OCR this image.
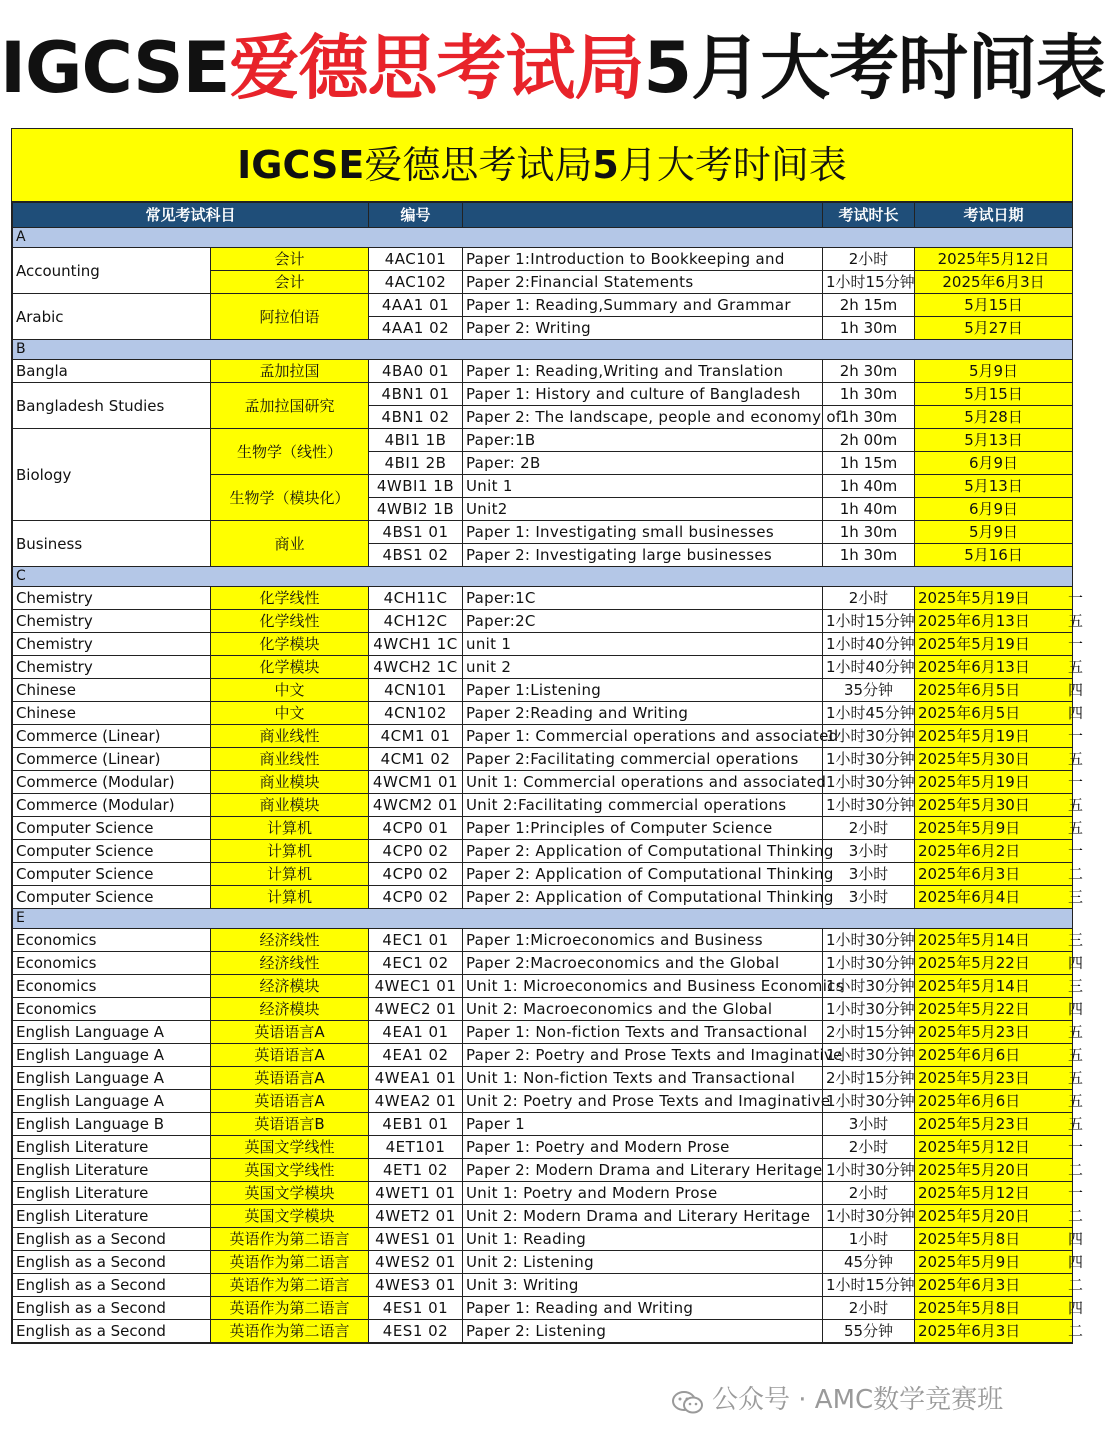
IGCSE爱德思考试局5月大考时间表
IGCSE爱德思考试局5月大考时间表
常见考试科目		编号		考试时长	考试日期
A					
Accounting	会计	4AC101	Paper 1:Introduction to Bookkeeping and	2小时	2025年5月12日
	会计	4AC102	Paper 2:Financial Statements	1小时15分钟	2025年6月3日
Arabic	阿拉伯语	4AA1 01	Paper 1: Reading,Summary and Grammar	2h 15m	5月15日
		4AA1 02	Paper 2: Writing	1h 30m	5月27日
B					
Bangla	孟加拉国	4BA0 01	Paper 1: Reading,Writing and Translation	2h 30m	5月9日
Bangladesh Studies	孟加拉国研究	4BN1 01	Paper 1: History and culture of Bangladesh	1h 30m	5月15日
		4BN1 02	Paper 2: The landscape, people and economy of	1h 30m	5月28日
Biology	生物学（线性）	4BI1 1B	Paper:1B	2h 00m	5月13日
		4BI1 2B	Paper: 2B	1h 15m	6月9日
	生物学（模块化）	4WBI1 1B	Unit 1	1h 40m	5月13日
		4WBI2 1B	Unit2	1h 40m	6月9日
Business	商业	4BS1 01	Paper 1: Investigating small businesses	1h 30m	5月9日
		4BS1 02	Paper 2: Investigating large businesses	1h 30m	5月16日
C					
Chemistry	化学线性	4CH11C	Paper:1C	2小时	2025年5月19日 一
Chemistry	化学线性	4CH12C	Paper:2C	1小时15分钟	2025年6月13日 五
Chemistry	化学模块	4WCH1 1C	unit 1	1小时40分钟	2025年5月19日 一
Chemistry	化学模块	4WCH2 1C	unit 2	1小时40分钟	2025年6月13日 五
Chinese	中文	4CN101	Paper 1:Listening	35分钟	2025年6月5日 四
Chinese	中文	4CN102	Paper 2:Reading and Writing	1小时45分钟	2025年6月5日 四
Commerce (Linear)	商业线性	4CM1 01	Paper 1: Commercial operations and associated	1小时30分钟	2025年5月19日 一
Commerce (Linear)	商业线性	4CM1 02	Paper 2:Facilitating commercial operations	1小时30分钟	2025年5月30日 五
Commerce (Modular)	商业模块	4WCM1 01	Unit 1: Commercial operations and associated	1小时30分钟	2025年5月19日 一
Commerce (Modular)	商业模块	4WCM2 01	Unit 2:Facilitating commercial operations	1小时30分钟	2025年5月30日 五
Computer Science	计算机	4CP0 01	Paper 1:Principles of Computer Science	2小时	2025年5月9日 五
Computer Science	计算机	4CP0 02	Paper 2: Application of Computational Thinking	3小时	2025年6月2日 一
Computer Science	计算机	4CP0 02	Paper 2: Application of Computational Thinking	3小时	2025年6月3日 二
Computer Science	计算机	4CP0 02	Paper 2: Application of Computational Thinking	3小时	2025年6月4日 三
E					
Economics	经济线性	4EC1 01	Paper 1:Microeconomics and Business	1小时30分钟	2025年5月14日 三
Economics	经济线性	4EC1 02	Paper 2:Macroeconomics and the Global	1小时30分钟	2025年5月22日 四
Economics	经济模块	4WEC1 01	Unit 1: Microeconomics and Business Economics	1小时30分钟	2025年5月14日 三
Economics	经济模块	4WEC2 01	Unit 2: Macroeconomics and the Global	1小时30分钟	2025年5月22日 四
English Language A	英语语言A	4EA1 01	Paper 1: Non-fiction Texts and Transactional	2小时15分钟	2025年5月23日 五
English Language A	英语语言A	4EA1 02	Paper 2: Poetry and Prose Texts and Imaginative	1小时30分钟	2025年6月6日 五
English Language A	英语语言A	4WEA1 01	Unit 1: Non-fiction Texts and Transactional	2小时15分钟	2025年5月23日 五
English Language A	英语语言A	4WEA2 01	Unit 2: Poetry and Prose Texts and Imaginative	1小时30分钟	2025年6月6日 五
English Language B	英语语言B	4EB1 01	Paper 1	3小时	2025年5月23日 五
English Literature	英国文学线性	4ET101	Paper 1: Poetry and Modern Prose	2小时	2025年5月12日 一
English Literature	英国文学线性	4ET1 02	Paper 2: Modern Drama and Literary Heritage	1小时30分钟	2025年5月20日 二
English Literature	英国文学模块	4WET1 01	Unit 1: Poetry and Modern Prose	2小时	2025年5月12日 一
English Literature	英国文学模块	4WET2 01	Unit 2: Modern Drama and Literary Heritage	1小时30分钟	2025年5月20日 二
English as a Second	英语作为第二语言	4WES1 01	Unit 1: Reading	1小时	2025年5月8日 四
English as a Second	英语作为第二语言	4WES2 01	Unit 2: Listening	45分钟	2025年5月9日 四
English as a Second	英语作为第二语言	4WES3 01	Unit 3: Writing	1小时15分钟	2025年6月3日 二
English as a Second	英语作为第二语言	4ES1 01	Paper 1: Reading and Writing	2小时	2025年5月8日 四
English as a Second	英语作为第二语言	4ES1 02	Paper 2: Listening	55分钟	2025年6月3日 二
公众号 · AMC数学竞赛班
